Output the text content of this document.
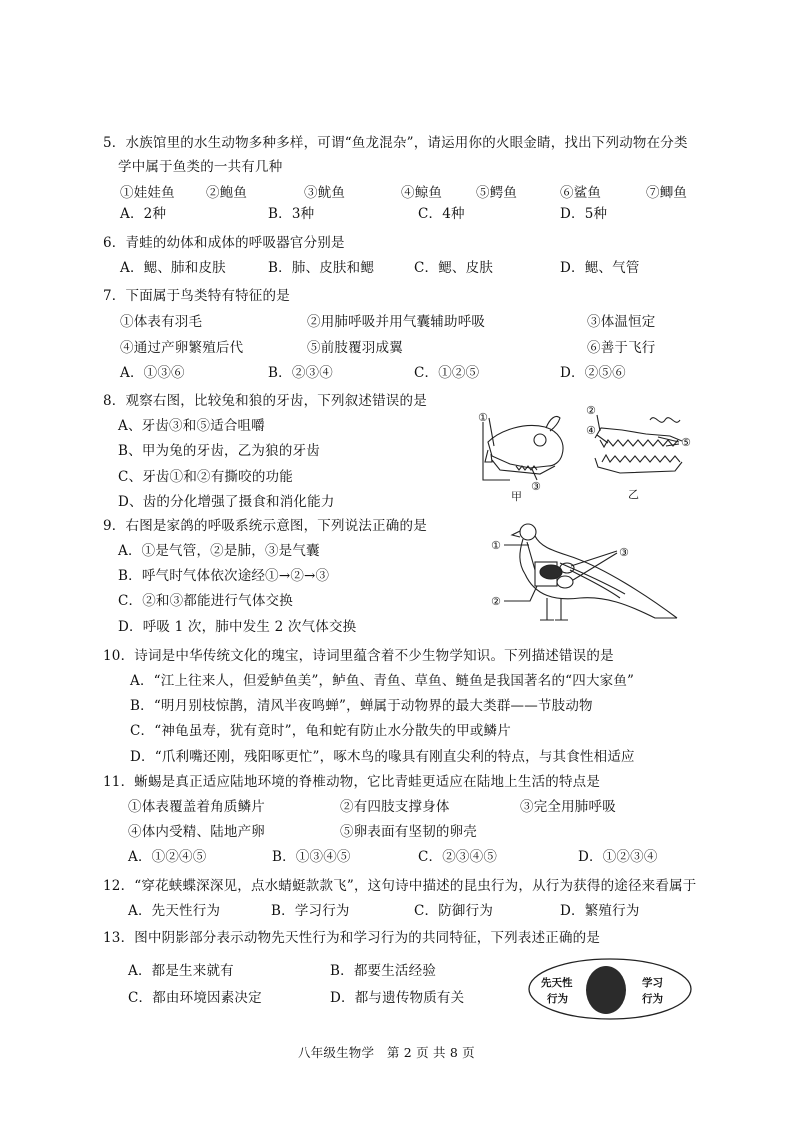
5．水族馆里的水生动物多种多样，可谓“鱼龙混杂”，请运用你的火眼金睛，找出下列动物在分类
学中属于鱼类的一共有几种
①娃娃鱼 ②鲍鱼	③鱿鱼	④鲸鱼	⑤鳄鱼	⑥鲨鱼	⑦鲫鱼
A．2种	B．3种	C．4种	D．5种
6．青蛙的幼体和成体的呼吸器官分别是
A．鳃、肺和皮肤	B．肺、皮肤和鳃	C．鳃、皮肤	D．鳃、气管
7．下面属于鸟类特有特征的是
①体表有羽毛	②用肺呼吸并用气囊辅助呼吸	③体温恒定
④通过产卵繁殖后代	⑤前肢覆羽成翼	⑥善于飞行
A．①③⑥	B．②③④	C．①②⑤	D．②⑤⑥
8．观察右图，比较兔和狼的牙齿，下列叙述错误的是
A、牙齿③和⑤适合咀嚼
B、甲为兔的牙齿，乙为狼的牙齿
C、牙齿①和②有撕咬的功能
D、齿的分化增强了摄食和消化能力
①
③
甲
②
④
⑤
乙
9．右图是家鸽的呼吸系统示意图，下列说法正确的是
A．①是气管，②是肺，③是气囊
B．呼气时气体依次途经①→②→③
C．②和③都能进行气体交换
D．呼吸 1 次，肺中发生 2 次气体交换
①
②
③
10．诗词是中华传统文化的瑰宝，诗词里蕴含着不少生物学知识。下列描述错误的是
A．“江上往来人，但爱鲈鱼美”，鲈鱼、青鱼、草鱼、鲢鱼是我国著名的“四大家鱼”
B．“明月别枝惊鹊，清风半夜鸣蝉”，蝉属于动物界的最大类群——节肢动物
C．“神龟虽寿，犹有竟时”，龟和蛇有防止水分散失的甲或鳞片
D．“爪利嘴还刚，残阳啄更忙”，啄木鸟的喙具有刚直尖利的特点，与其食性相适应
11．蜥蜴是真正适应陆地环境的脊椎动物，它比青蛙更适应在陆地上生活的特点是
①体表覆盖着角质鳞片	②有四肢支撑身体	③完全用肺呼吸
④体内受精、陆地产卵	⑤卵表面有坚韧的卵壳
A．①②④⑤	B．①③④⑤	C．②③④⑤	D．①②③④
12．“穿花蛱蝶深深见，点水蜻蜓款款飞”，这句诗中描述的昆虫行为，从行为获得的途径来看属于
A．先天性行为	B．学习行为	C．防御行为	D．繁殖行为
13．图中阴影部分表示动物先天性行为和学习行为的共同特征，下列表述正确的是
A．都是生来就有	B．都要生活经验
C．都由环境因素决定	D．都与遗传物质有关
先天性
行为
学习
行为
八年级生物学　第 2 页 共 8 页
